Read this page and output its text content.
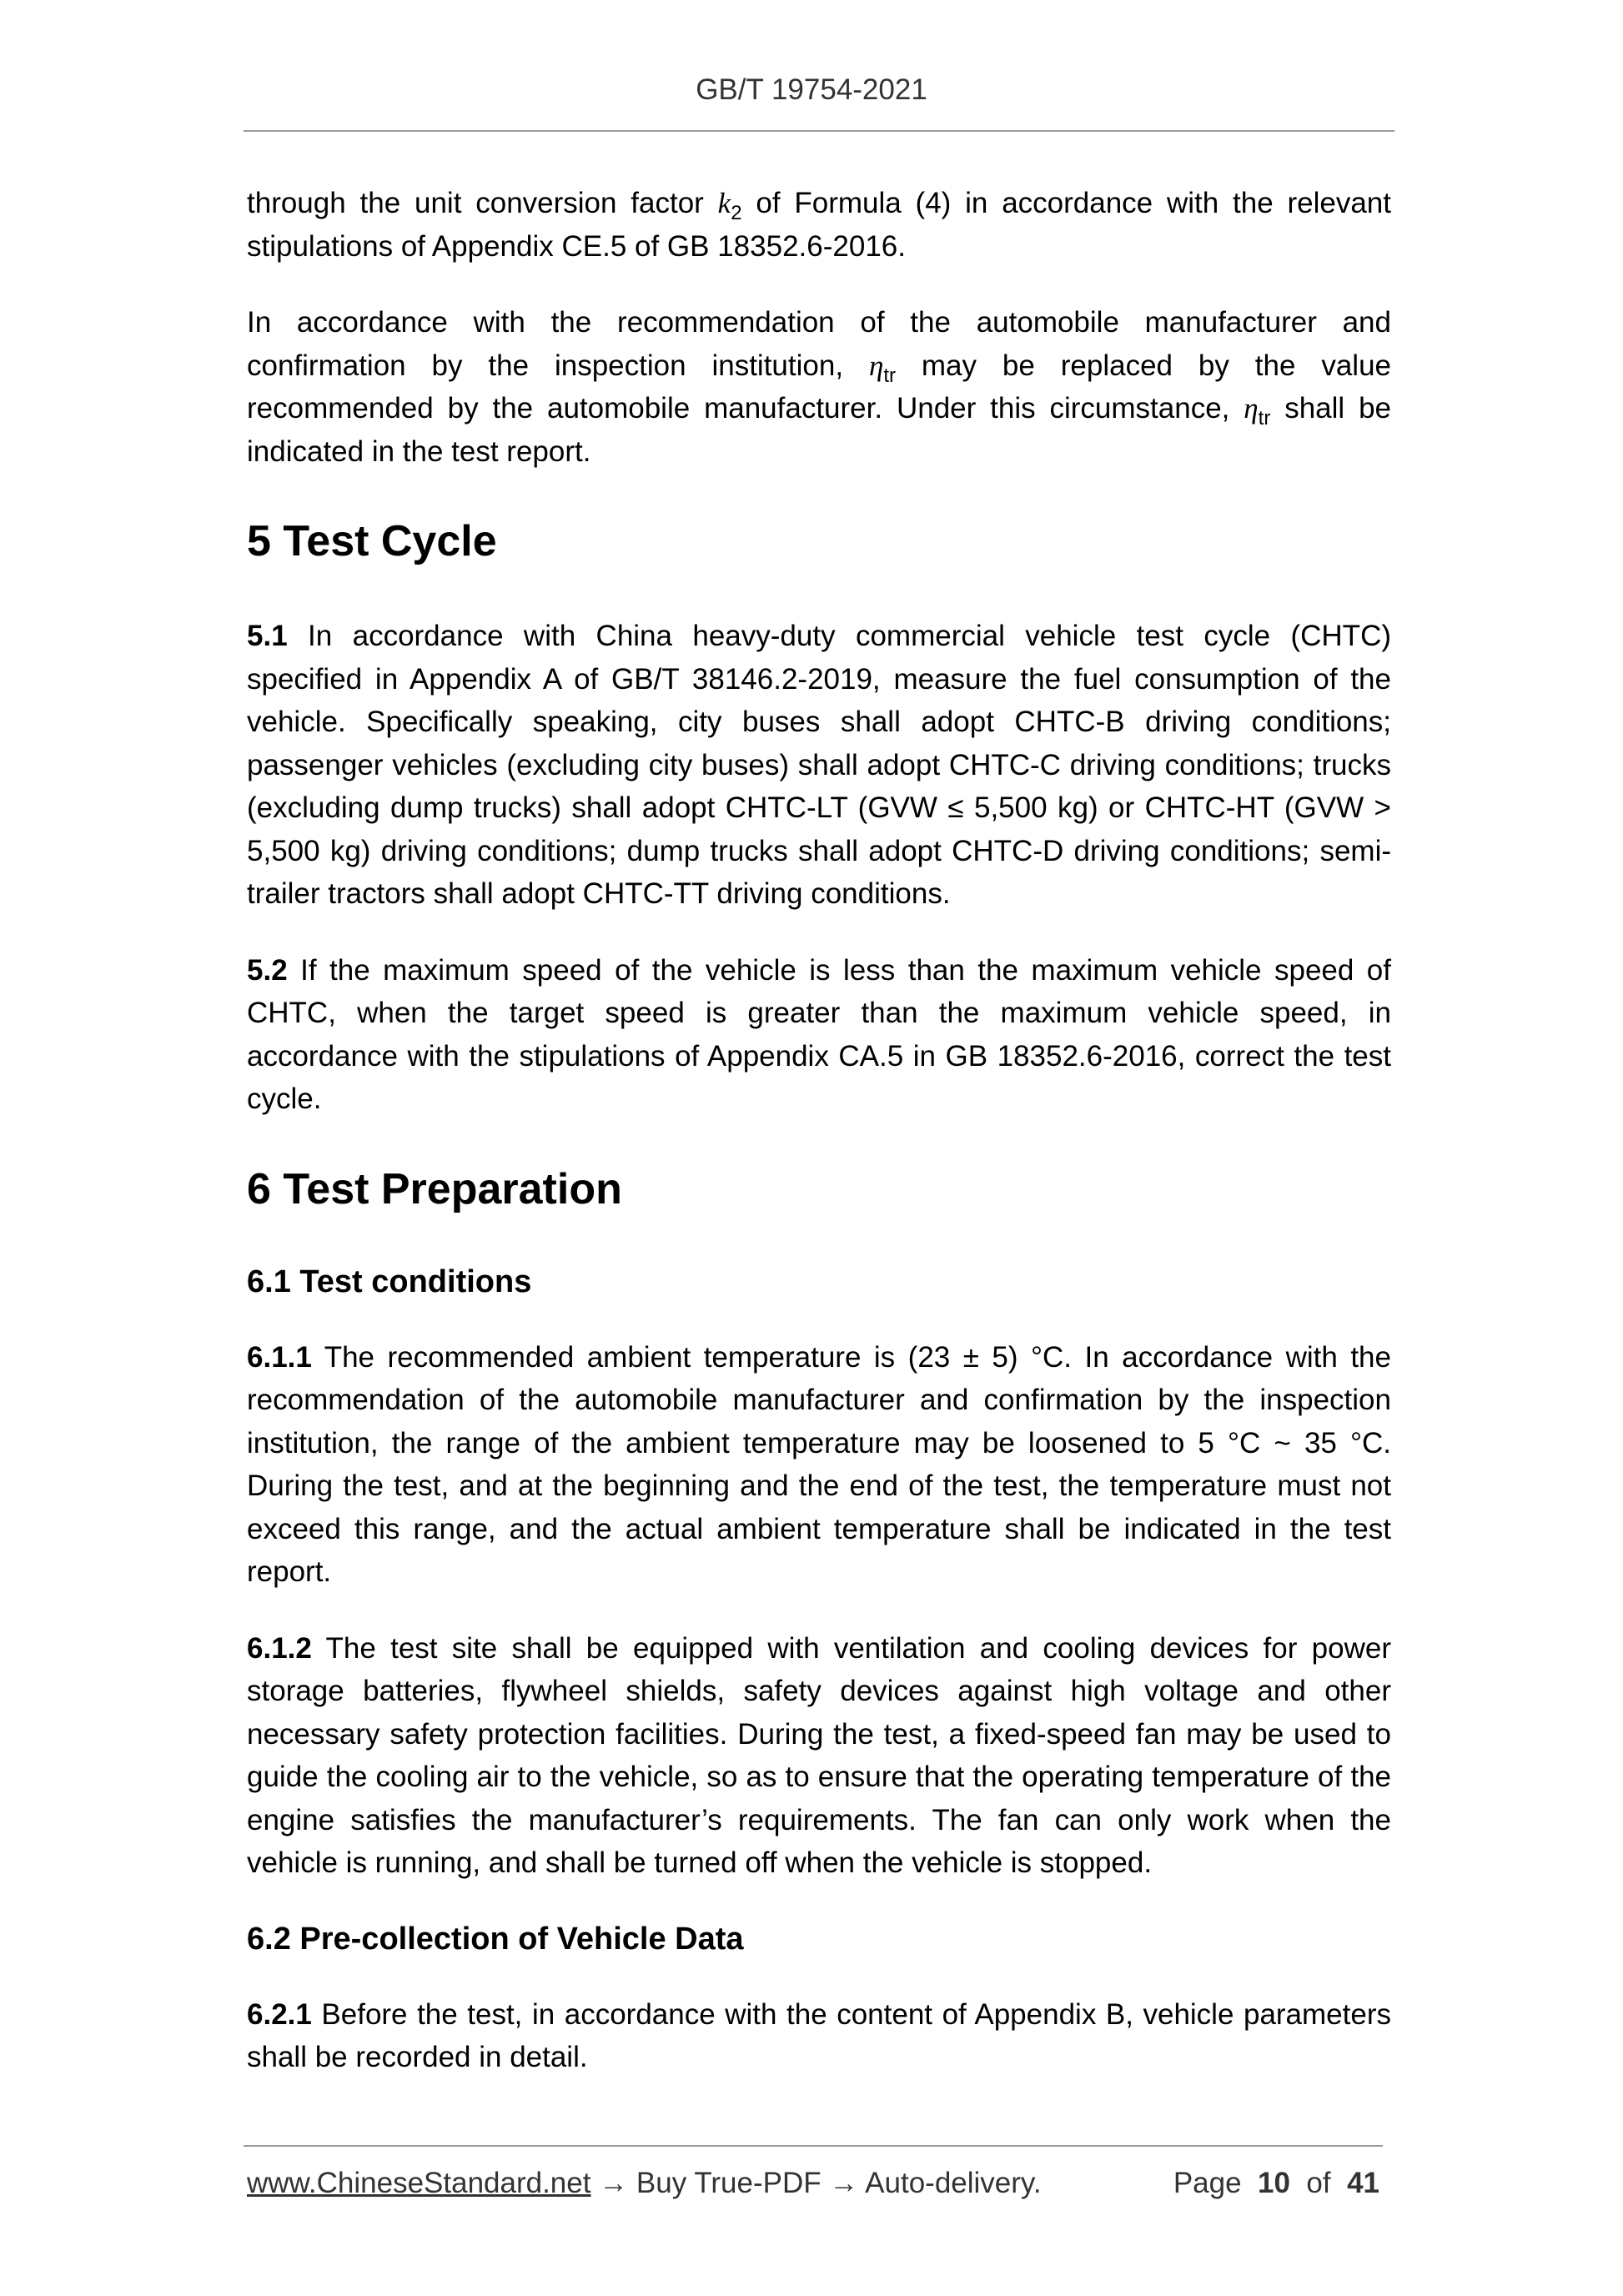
GB/T 19754-2021

through the unit conversion factor $k_2$ of Formula (4) in accordance with the relevant stipulations of Appendix CE.5 of GB 18352.6-2016.

In accordance with the recommendation of the automobile manufacturer and confirmation by the inspection institution, $\eta_{tr}$ may be replaced by the value recommended by the automobile manufacturer. Under this circumstance, $\eta_{tr}$ shall be indicated in the test report.

5 Test Cycle

5.1 In accordance with China heavy-duty commercial vehicle test cycle (CHTC) specified in Appendix A of GB/T 38146.2-2019, measure the fuel consumption of the vehicle. Specifically speaking, city buses shall adopt CHTC-B driving conditions; passenger vehicles (excluding city buses) shall adopt CHTC-C driving conditions; trucks (excluding dump trucks) shall adopt CHTC-LT (GVW ≤ 5,500 kg) or CHTC-HT (GVW > 5,500 kg) driving conditions; dump trucks shall adopt CHTC-D driving conditions; semi-trailer tractors shall adopt CHTC-TT driving conditions.

5.2 If the maximum speed of the vehicle is less than the maximum vehicle speed of CHTC, when the target speed is greater than the maximum vehicle speed, in accordance with the stipulations of Appendix CA.5 in GB 18352.6-2016, correct the test cycle.

6 Test Preparation
6.1 Test conditions

6.1.1 The recommended ambient temperature is (23 ± 5) °C. In accordance with the recommendation of the automobile manufacturer and confirmation by the inspection institution, the range of the ambient temperature may be loosened to 5 °C ~ 35 °C. During the test, and at the beginning and the end of the test, the temperature must not exceed this range, and the actual ambient temperature shall be indicated in the test report.

6.1.2 The test site shall be equipped with ventilation and cooling devices for power storage batteries, flywheel shields, safety devices against high voltage and other necessary safety protection facilities. During the test, a fixed-speed fan may be used to guide the cooling air to the vehicle, so as to ensure that the operating temperature of the engine satisfies the manufacturer’s requirements. The fan can only work when the vehicle is running, and shall be turned off when the vehicle is stopped.

6.2 Pre-collection of Vehicle Data

6.2.1 Before the test, in accordance with the content of Appendix B, vehicle parameters shall be recorded in detail.

www.ChineseStandard.net → Buy True-PDF → Auto-delivery.	Page 10 of 41
